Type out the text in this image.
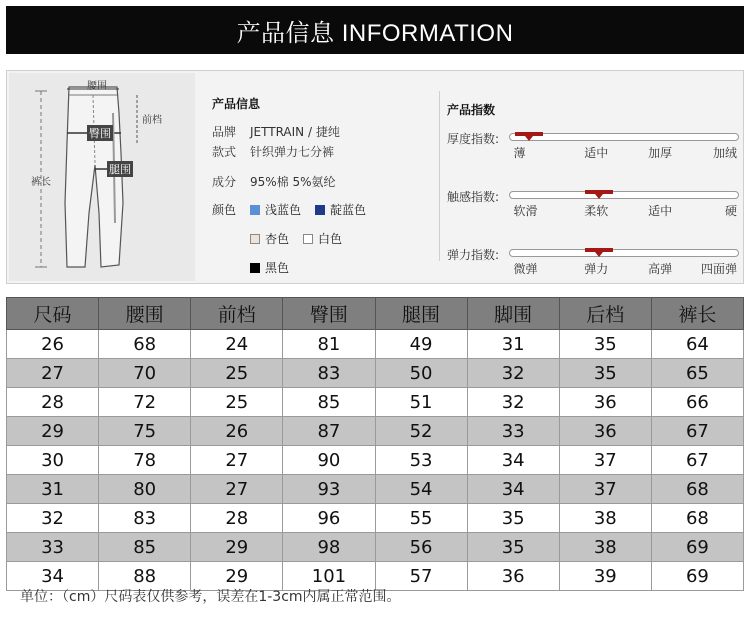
产品信息 INFORMATION
腰围
前档
臀围
腿围
裤长
产品信息
品牌	JETTRAIN / 捷纯
款式	针织弹力七分裤
成分	95%棉 5%氨纶
颜色	浅蓝色 靛蓝色
杏色 白色
黑色
产品指数
厚度指数:
薄	适中	加厚	加绒
触感指数:
软滑	柔软	适中	硬
弹力指数:
微弹	弹力	高弹 四面弹
尺码	腰围	前档	臀围	腿围	脚围	后档	裤长
26	68	24	81	49	31	35	64
27	70	25	83	50	32	35	65
28	72	25	85	51	32	36	66
29	75	26	87	52	33	36	67
30	78	27	90	53	34	37	67
31	80	27	93	54	34	37	68
32	83	28	96	55	35	38	68
33	85	29	98	56	35	38	69
34	88	29	101	57	36	39	69
单位：（cm）尺码表仅供参考，误差在1-3cm内属正常范围。
